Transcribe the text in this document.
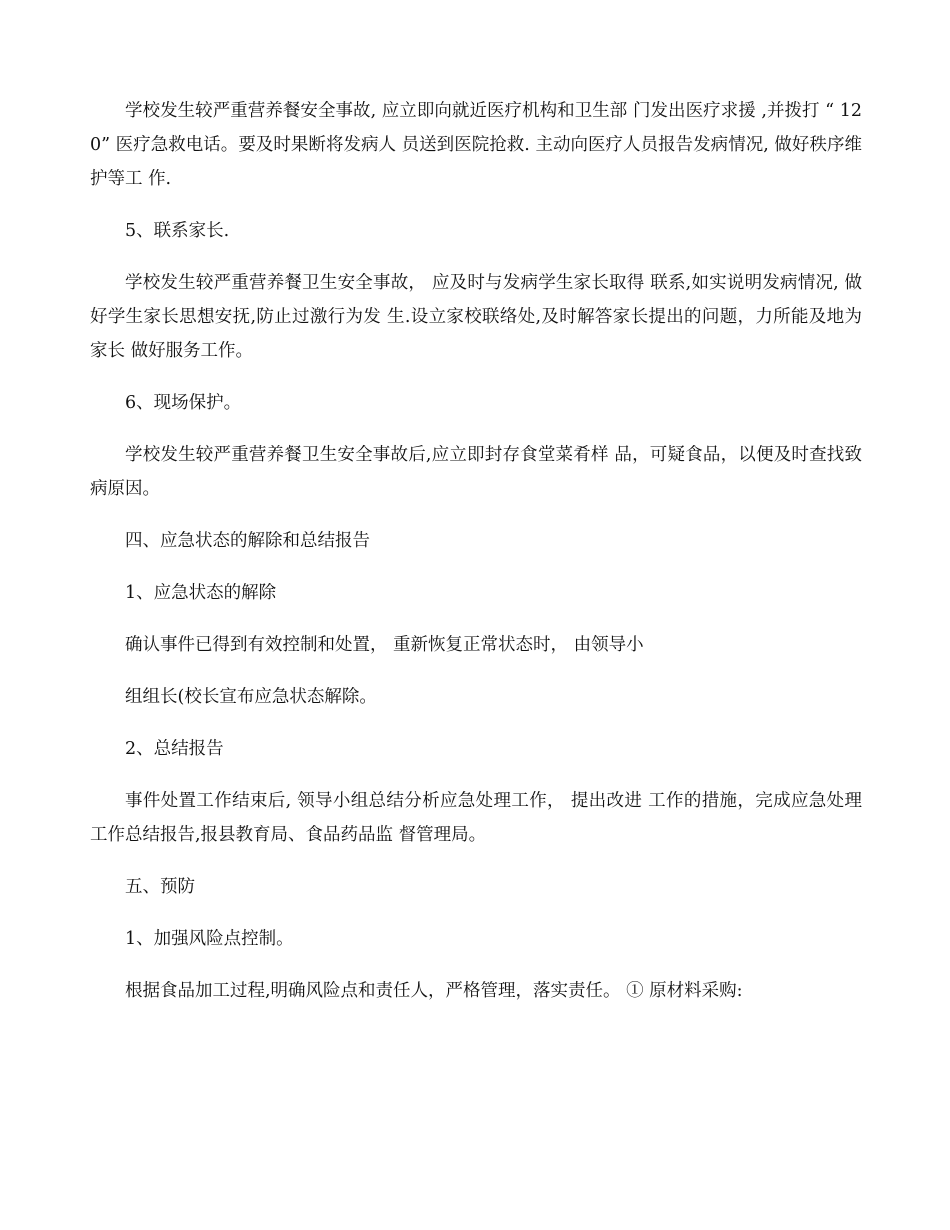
学校发生较严重营养餐安全事故, 应立即向就近医疗机构和卫生部 门发出医疗求援 ,并拨打 “ 120” 医疗急救电话。要及时果断将发病人 员送到医院抢救. 主动向医疗人员报告发病情况, 做好秩序维护等工 作.

5、联系家长.

学校发生较严重营养餐卫生安全事故， 应及时与发病学生家长取得 联系,如实说明发病情况, 做好学生家长思想安抚,防止过激行为发 生.设立家校联络处,及时解答家长提出的问题，力所能及地为家长 做好服务工作。

6、现场保护。

学校发生较严重营养餐卫生安全事故后,应立即封存食堂菜肴样 品，可疑食品，以便及时查找致病原因。

四、应急状态的解除和总结报告

1、应急状态的解除

确认事件已得到有效控制和处置， 重新恢复正常状态时， 由领导小

组组长(校长宣布应急状态解除。

2、总结报告

事件处置工作结束后, 领导小组总结分析应急处理工作， 提出改进 工作的措施，完成应急处理工作总结报告,报县教育局、食品药品监 督管理局。

五、预防

1、加强风险点控制。

根据食品加工过程,明确风险点和责任人，严格管理，落实责任。 ① 原材料采购:
